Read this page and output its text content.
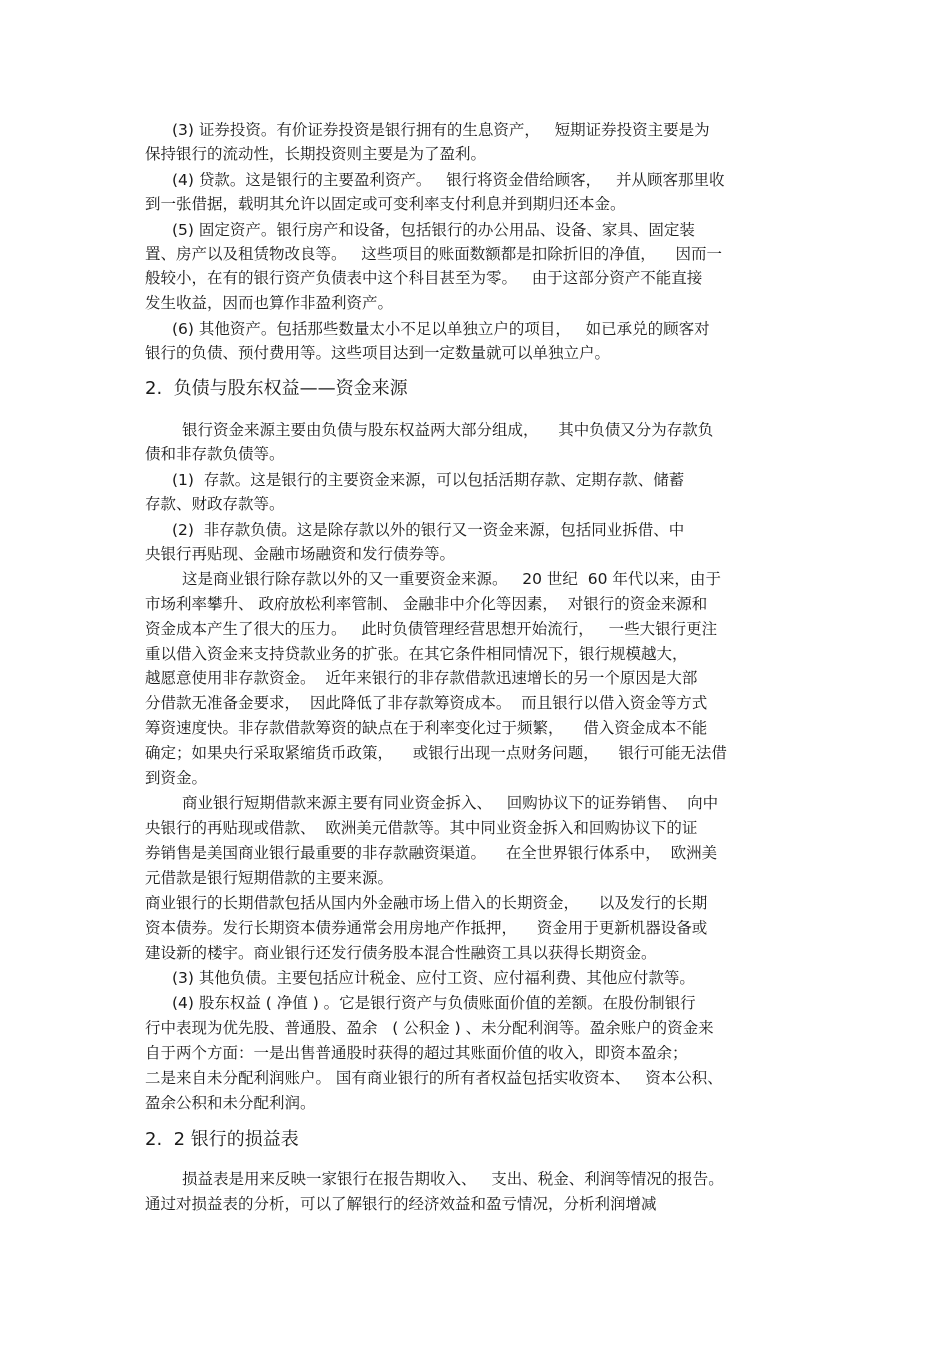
(3) 证券投资。有价证券投资是银行拥有的生息资产，   短期证券投资主要是为

保持银行的流动性，长期投资则主要是为了盈利。

(4) 贷款。这是银行的主要盈利资产。   银行将资金借给顾客，   并从顾客那里收

到一张借据，载明其允许以固定或可变利率支付利息并到期归还本金。

(5) 固定资产。银行房产和设备，包括银行的办公用品、设备、家具、固定装

置、房产以及租赁物改良等。   这些项目的账面数额都是扣除折旧的净值，    因而一

般较小，在有的银行资产负债表中这个科目甚至为零。   由于这部分资产不能直接

发生收益，因而也算作非盈利资产。

(6) 其他资产。包括那些数量太小不足以单独立户的项目，   如已承兑的顾客对

银行的负债、预付费用等。这些项目达到一定数量就可以单独立户。

2.  负债与股东权益——资金来源

银行资金来源主要由负债与股东权益两大部分组成，    其中负债又分为存款负

债和非存款负债等。

(1)  存款。这是银行的主要资金来源，可以包括活期存款、定期存款、储蓄

存款、财政存款等。

(2)  非存款负债。这是除存款以外的银行又一资金来源，包括同业拆借、中

央银行再贴现、金融市场融资和发行债券等。

这是商业银行除存款以外的又一重要资金来源。   20 世纪  60 年代以来，由于

市场利率攀升、 政府放松利率管制、 金融非中介化等因素，  对银行的资金来源和

资金成本产生了很大的压力。   此时负债管理经营思想开始流行，   一些大银行更注

重以借入资金来支持贷款业务的扩张。在其它条件相同情况下，银行规模越大，

越愿意使用非存款资金。  近年来银行的非存款借款迅速增长的另一个原因是大部

分借款无准备金要求，  因此降低了非存款筹资成本。  而且银行以借入资金等方式

筹资速度快。非存款借款筹资的缺点在于利率变化过于频繁，    借入资金成本不能

确定；如果央行采取紧缩货币政策，    或银行出现一点财务问题，    银行可能无法借

到资金。

商业银行短期借款来源主要有同业资金拆入、   回购协议下的证券销售、  向中

央银行的再贴现或借款、  欧洲美元借款等。其中同业资金拆入和回购协议下的证

券销售是美国商业银行最重要的非存款融资渠道。    在全世界银行体系中，  欧洲美

元借款是银行短期借款的主要来源。

商业银行的长期借款包括从国内外金融市场上借入的长期资金，    以及发行的长期

资本债券。发行长期资本债券通常会用房地产作抵押，    资金用于更新机器设备或

建设新的楼宇。商业银行还发行债务股本混合性融资工具以获得长期资金。

(3) 其他负债。主要包括应计税金、应付工资、应付福利费、其他应付款等。

(4) 股东权益 ( 净值 ) 。它是银行资产与负债账面价值的差额。在股份制银行

行中表现为优先股、普通股、盈余   ( 公积金 ) 、未分配利润等。盈余账户的资金来

自于两个方面：一是出售普通股时获得的超过其账面价值的收入，即资本盈余；

二是来自未分配利润账户。 国有商业银行的所有者权益包括实收资本、   资本公积、

盈余公积和未分配利润。

2.  2 银行的损益表

损益表是用来反映一家银行在报告期收入、   支出、税金、利润等情况的报告。

通过对损益表的分析，可以了解银行的经济效益和盈亏情况，分析利润增减
